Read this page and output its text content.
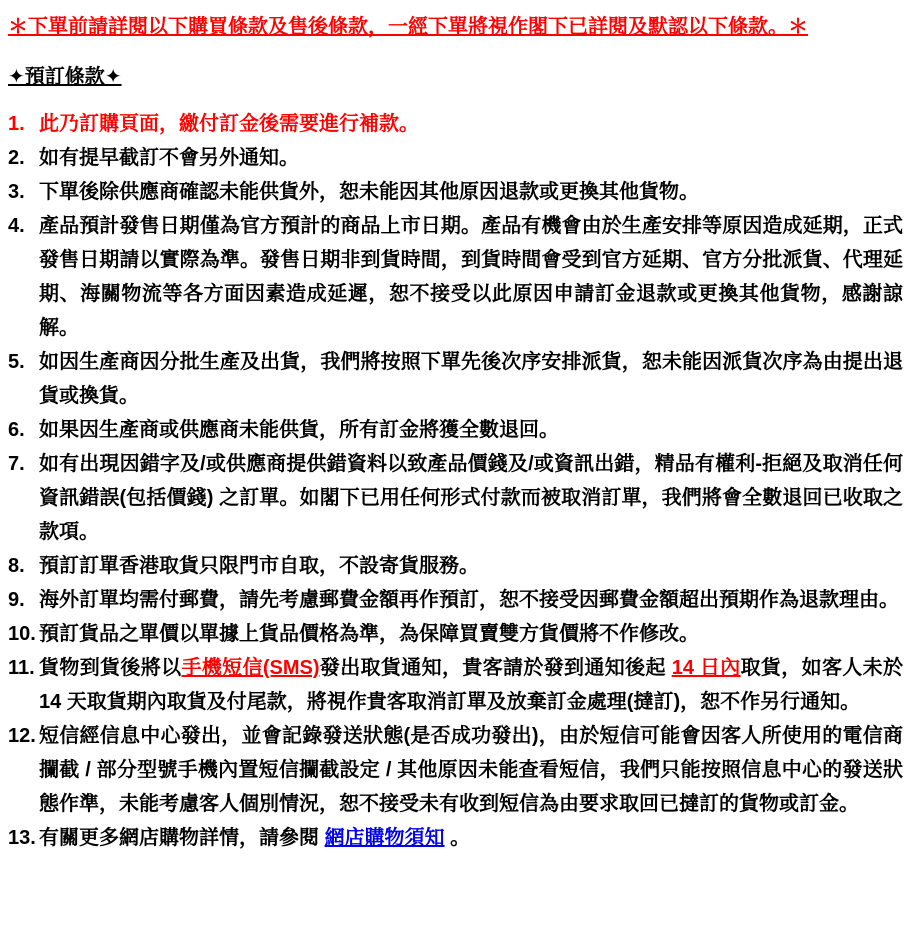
＊下單前請詳閱以下購買條款及售後條款，一經下單將視作閣下已詳閱及默認以下條款。＊
✦預訂條款✦
1. 此乃訂購頁面，繳付訂金後需要進行補款。
2. 如有提早截訂不會另外通知。
3. 下單後除供應商確認未能供貨外，恕未能因其他原因退款或更換其他貨物。
4. 產品預計發售日期僅為官方預計的商品上市日期。產品有機會由於生產安排等原因造成延期，正式發售日期請以實際為準。發售日期非到貨時間，到貨時間會受到官方延期、官方分批派貨、代理延期、海關物流等各方面因素造成延遲，恕不接受以此原因申請訂金退款或更換其他貨物，感謝諒解。
5. 如因生產商因分批生產及出貨，我們將按照下單先後次序安排派貨，恕未能因派貨次序為由提出退貨或換貨。
6. 如果因生產商或供應商未能供貨，所有訂金將獲全數退回。
7. 如有出現因錯字及/或供應商提供錯資料以致產品價錢及/或資訊出錯，精品有權利-拒絕及取消任何資訊錯誤(包括價錢) 之訂單。如閣下已用任何形式付款而被取消訂單，我們將會全數退回已收取之款項。
8. 預訂訂單香港取貨只限門市自取，不設寄貨服務。
9. 海外訂單均需付郵費，請先考慮郵費金額再作預訂，恕不接受因郵費金額超出預期作為退款理由。
10. 預訂貨品之單價以單據上貨品價格為準，為保障買賣雙方貨價將不作修改。
11. 貨物到貨後將以手機短信(SMS)發出取貨通知，貴客請於發到通知後起 14 日內取貨，如客人未於 14 天取貨期內取貨及付尾款，將視作貴客取消訂單及放棄訂金處理(撻訂)，恕不作另行通知。
12. 短信經信息中心發出，並會記錄發送狀態(是否成功發出)，由於短信可能會因客人所使用的電信商攔截 / 部分型號手機內置短信攔截設定 / 其他原因未能查看短信，我們只能按照信息中心的發送狀態作準，未能考慮客人個別情況，恕不接受未有收到短信為由要求取回已撻訂的貨物或訂金。
13. 有關更多網店購物詳情，請參閱 網店購物須知 。
